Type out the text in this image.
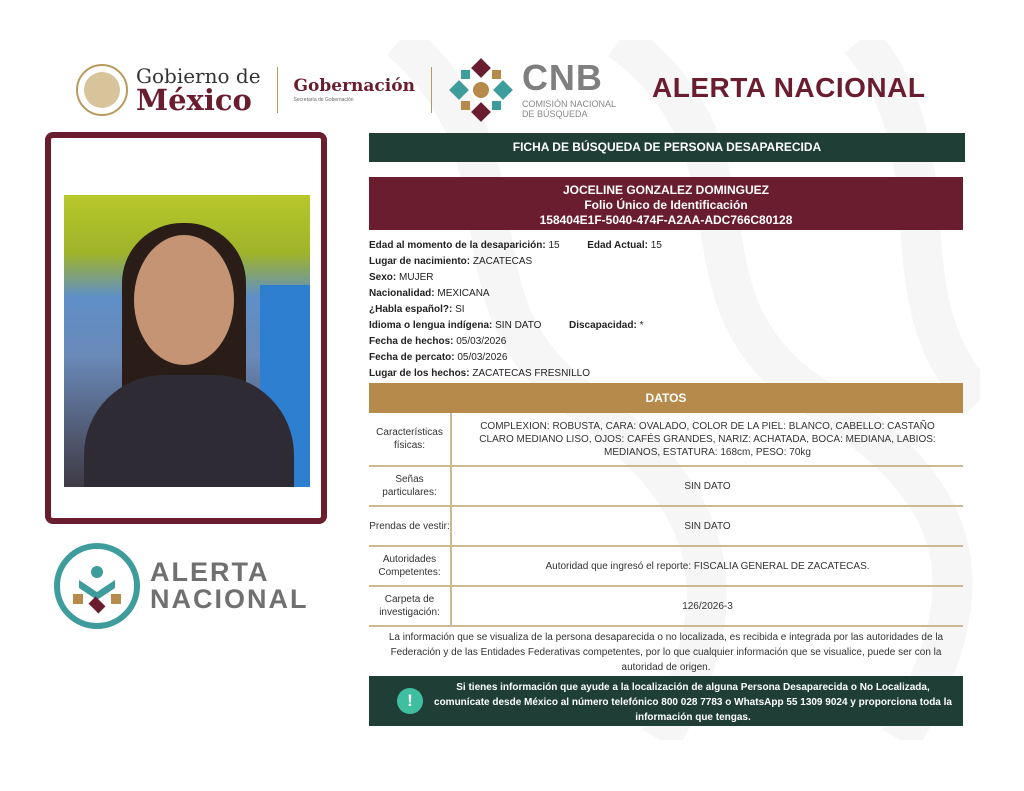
Gobierno de
México	Gobernación
Secretaría de Gobernación
CNB
COMISIÓN NACIONAL
DE BÚSQUEDA
ALERTA NACIONAL
ALERTA
NACIONAL
FICHA DE BÚSQUEDA DE PERSONA DESAPARECIDA
JOCELINE GONZALEZ DOMINGUEZ
Folio Único de Identificación
158404E1F-5040-474F-A2AA-ADC766C80128
Edad al momento de la desaparición: 15	Edad Actual: 15
Lugar de nacimiento: ZACATECAS
Sexo: MUJER
Nacionalidad: MEXICANA
¿Habla español?: SI
Idioma o lengua indígena: SIN DATO	Discapacidad: *
Fecha de hechos: 05/03/2026
Fecha de percato: 05/03/2026
Lugar de los hechos: ZACATECAS FRESNILLO
DATOS
Características físicas:	COMPLEXION: ROBUSTA, CARA: OVALADO, COLOR DE LA PIEL: BLANCO, CABELLO: CASTAÑO CLARO MEDIANO LISO, OJOS: CAFÉS GRANDES, NARIZ: ACHATADA, BOCA: MEDIANA, LABIOS: MEDIANOS, ESTATURA: 168cm, PESO: 70kg
Señas particulares:	SIN DATO
Prendas de vestir:	SIN DATO
Autoridades Competentes:	Autoridad que ingresó el reporte: FISCALIA GENERAL DE ZACATECAS.
Carpeta de investigación:	126/2026-3
La información que se visualiza de la persona desaparecida o no localizada, es recibida e integrada por las autoridades de la Federación y de las Entidades Federativas competentes, por lo que cualquier información que se visualice, puede ser con la autoridad de origen.
Si tienes información que ayude a la localización de alguna Persona Desaparecida o No Localizada, comunícate desde México al número telefónico 800 028 7783 o WhatsApp 55 1309 9024 y proporciona toda la información que tengas.
!
